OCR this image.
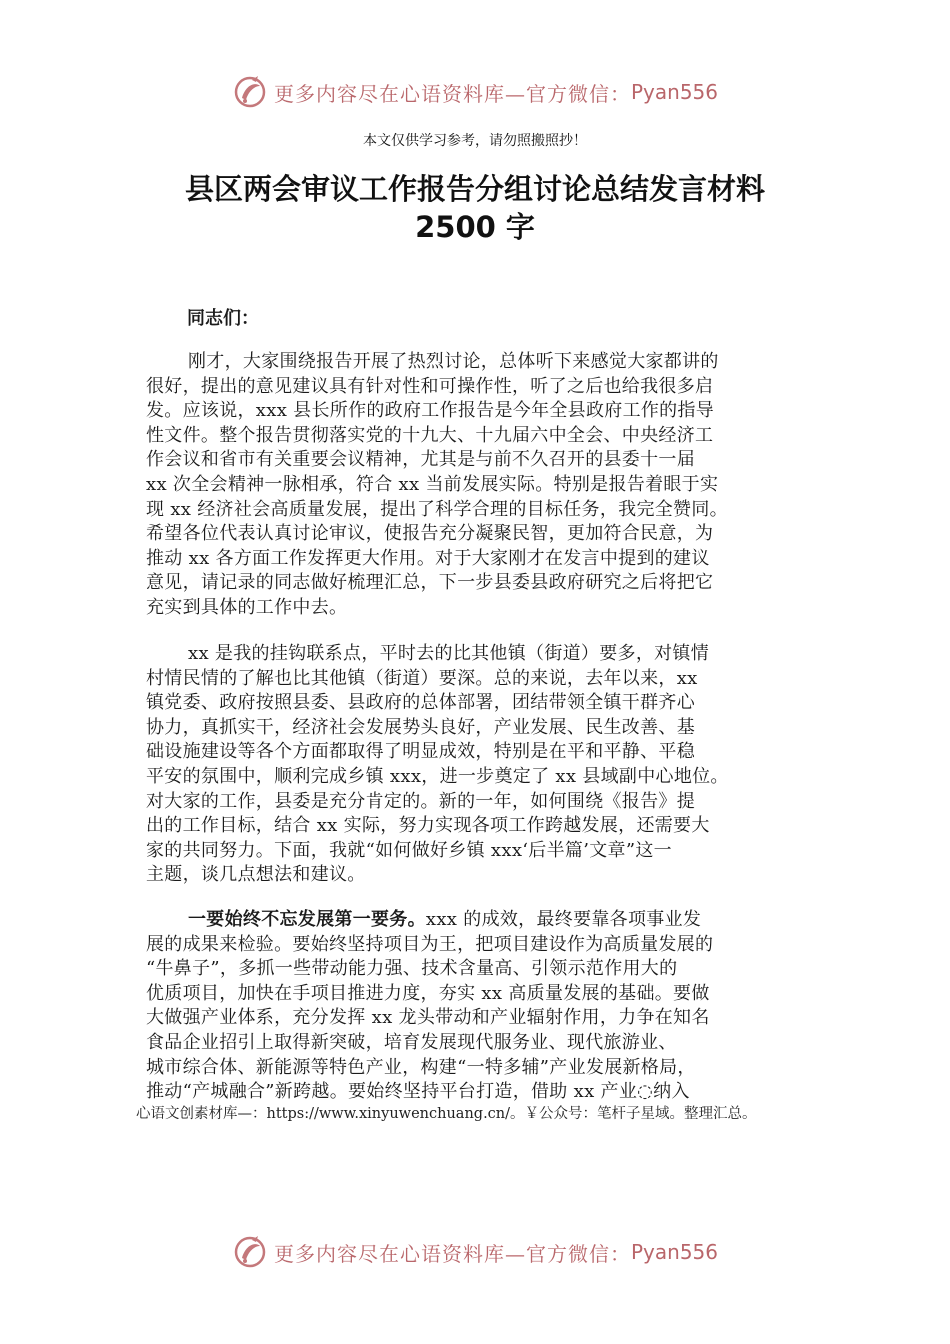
更多内容尽在心语资料库—官方微信： Pyan556
本文仅供学习参考，请勿照搬照抄！
县区两会审议工作报告分组讨论总结发言材料
2500 字
同志们：
刚才，大家围绕报告开展了热烈讨论，总体听下来感觉大家都讲的
很好，提出的意见建议具有针对性和可操作性，听了之后也给我很多启
发。应该说，xxx 县长所作的政府工作报告是今年全县政府工作的指导
性文件。整个报告贯彻落实党的十九大、十九届六中全会、中央经济工
作会议和省市有关重要会议精神，尤其是与前不久召开的县委十一届
xx 次全会精神一脉相承，符合 xx 当前发展实际。特别是报告着眼于实
现 xx 经济社会高质量发展，提出了科学合理的目标任务，我完全赞同。
希望各位代表认真讨论审议，使报告充分凝聚民智，更加符合民意，为
推动 xx 各方面工作发挥更大作用。对于大家刚才在发言中提到的建议
意见，请记录的同志做好梳理汇总，下一步县委县政府研究之后将把它
充实到具体的工作中去。
xx 是我的挂钩联系点，平时去的比其他镇（街道）要多，对镇情
村情民情的了解也比其他镇（街道）要深。总的来说，去年以来，xx
镇党委、政府按照县委、县政府的总体部署，团结带领全镇干群齐心
协力，真抓实干，经济社会发展势头良好，产业发展、民生改善、基
础设施建设等各个方面都取得了明显成效，特别是在平和平静、平稳
平安的氛围中，顺利完成乡镇 xxx，进一步奠定了 xx 县域副中心地位。
对大家的工作，县委是充分肯定的。新的一年，如何围绕《报告》提
出的工作目标，结合 xx 实际，努力实现各项工作跨越发展，还需要大
家的共同努力。下面，我就“如何做好乡镇 xxx‘后半篇’文章”这一
主题，谈几点想法和建议。
一要始终不忘发展第一要务。xxx 的成效，最终要靠各项事业发
展的成果来检验。要始终坚持项目为王，把项目建设作为高质量发展的
“牛鼻子”，多抓一些带动能力强、技术含量高、引领示范作用大的
优质项目，加快在手项目推进力度，夯实 xx 高质量发展的基础。要做
大做强产业体系，充分发挥 xx 龙头带动和产业辐射作用，力争在知名
食品企业招引上取得新突破，培育发展现代服务业、现代旅游业、
城市综合体、新能源等特色产业，构建“一特多辅”产业发展新格局，
推动“产城融合”新跨越。要始终坚持平台打造，借助 xx 产业◌纳入
心语文创素材库—：https://www.xinyuwenchuang.cn/。￥公众号：笔杆子星域。整理汇总。
更多内容尽在心语资料库—官方微信： Pyan556
